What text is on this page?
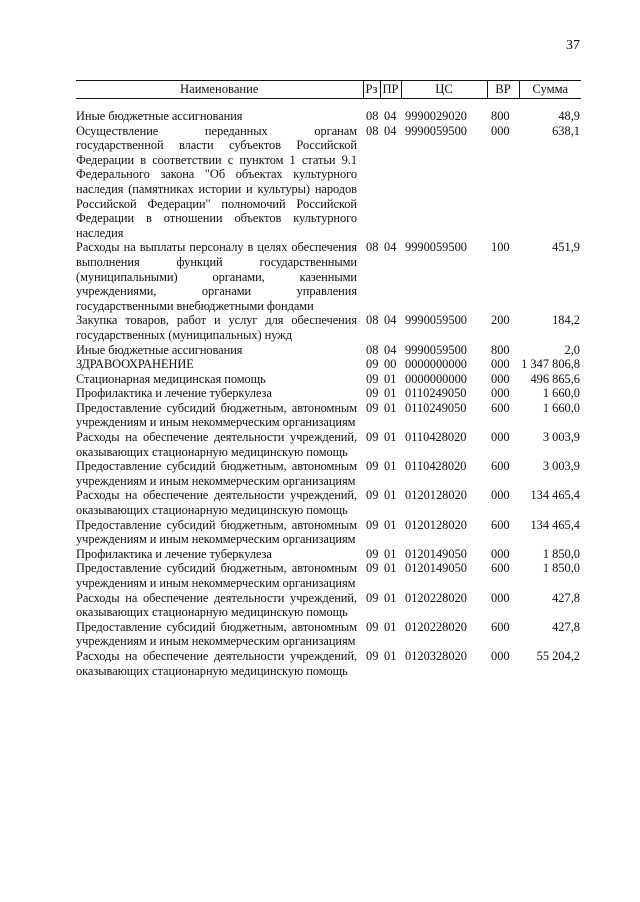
37
Наименование	Рз	ПР	ЦС	ВР	Сумма
Иные бюджетные ассигнования	08	04	9990029020	800	48,9
Осуществление переданных органам государственной власти субъектов Российской Федерации в соответствии с пунктом 1 статьи 9.1 Федерального закона "Об объектах культурного наследия (памятниках истории и культуры) народов Российской Федерации" полномочий Российской Федерации в отношении объектов культурного наследия	08	04	9990059500	000	638,1
Расходы на выплаты персоналу в целях обеспечения выполнения функций государственными (муниципальными) органами, казенными учреждениями, органами управления государственными внебюджетными фондами	08	04	9990059500	100	451,9
Закупка товаров, работ и услуг для обеспечения государственных (муниципальных) нужд	08	04	9990059500	200	184,2
Иные бюджетные ассигнования	08	04	9990059500	800	2,0
ЗДРАВООХРАНЕНИЕ	09	00	0000000000	000	1 347 806,8
Стационарная медицинская помощь	09	01	0000000000	000	496 865,6
Профилактика и лечение туберкулеза	09	01	0110249050	000	1 660,0
Предоставление субсидий бюджетным, автономным учреждениям и иным некоммерческим организациям	09	01	0110249050	600	1 660,0
Расходы на обеспечение деятельности учреждений, оказывающих стационарную медицинскую помощь	09	01	0110428020	000	3 003,9
Предоставление субсидий бюджетным, автономным учреждениям и иным некоммерческим организациям	09	01	0110428020	600	3 003,9
Расходы на обеспечение деятельности учреждений, оказывающих стационарную медицинскую помощь	09	01	0120128020	000	134 465,4
Предоставление субсидий бюджетным, автономным учреждениям и иным некоммерческим организациям	09	01	0120128020	600	134 465,4
Профилактика и лечение туберкулеза	09	01	0120149050	000	1 850,0
Предоставление субсидий бюджетным, автономным учреждениям и иным некоммерческим организациям	09	01	0120149050	600	1 850,0
Расходы на обеспечение деятельности учреждений, оказывающих стационарную медицинскую помощь	09	01	0120228020	000	427,8
Предоставление субсидий бюджетным, автономным учреждениям и иным некоммерческим организациям	09	01	0120228020	600	427,8
Расходы на обеспечение деятельности учреждений, оказывающих стационарную медицинскую помощь	09	01	0120328020	000	55 204,2
